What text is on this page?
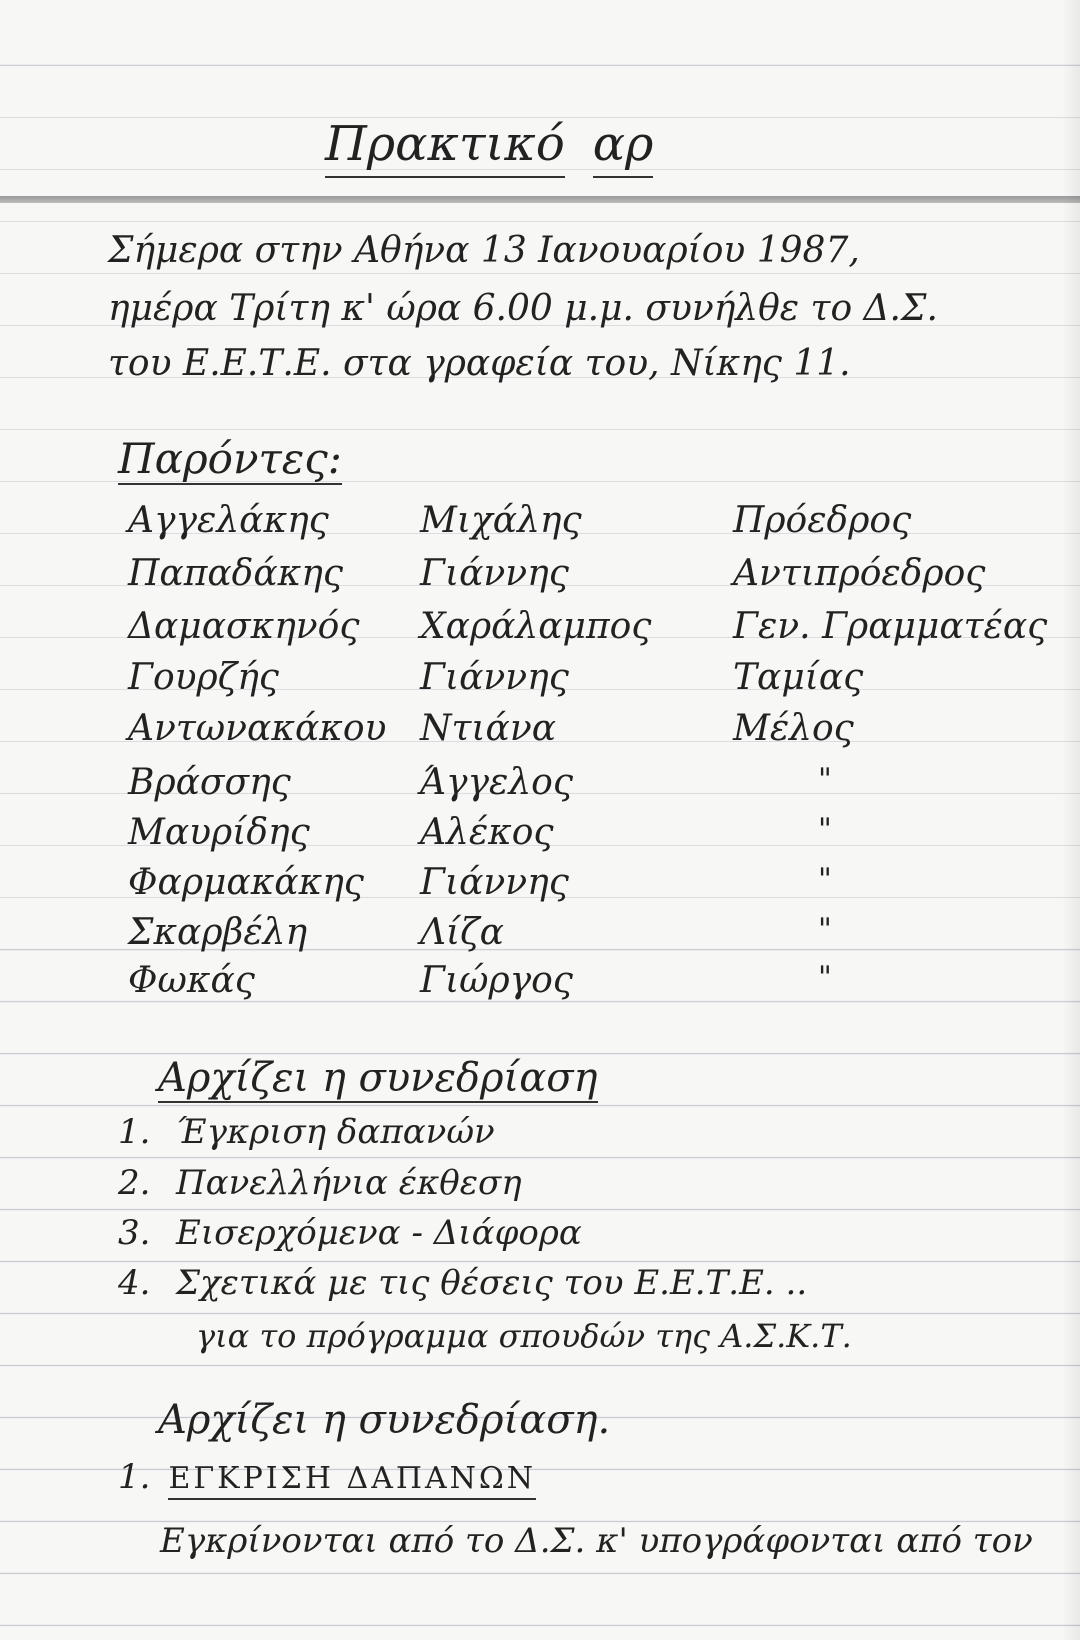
Πρακτικό αρ
Σήμερα στην Αθήνα 13 Ιανουαρίου 1987,
ημέρα Τρίτη κ' ώρα 6.00 μ.μ. συνήλθε το Δ.Σ.
του Ε.Ε.Τ.Ε. στα γραφεία του, Νίκης 11.
Παρόντες:
Αγγελάκης	Μιχάλης	Πρόεδρος
Παπαδάκης Γιάννης	Αντιπρόεδρος
Δαμασκηνός Χαράλαμπος Γεν. Γραμματέας
Γουρζής	Γιάννης	Ταμίας
Αντωνακάκου Ντιάνα	Μέλος
Βράσσης	Άγγελος	"
Μαυρίδης	Αλέκος	"
Φαρμακάκης Γιάννης	"
Σκαρβέλη	Λίζα	"
Φωκάς	Γιώργος	"
Αρχίζει η συνεδρίαση
1. Έγκριση δαπανών
2. Πανελλήνια έκθεση
3. Εισερχόμενα - Διάφορα
4. Σχετικά με τις θέσεις του Ε.Ε.Τ.Ε. ..
για το πρόγραμμα σπουδών της Α.Σ.Κ.Τ.
Αρχίζει η συνεδρίαση.
1. ΕΓΚΡΙΣΗ ΔΑΠΑΝΩΝ
Εγκρίνονται από το Δ.Σ. κ' υπογράφονται από τον
